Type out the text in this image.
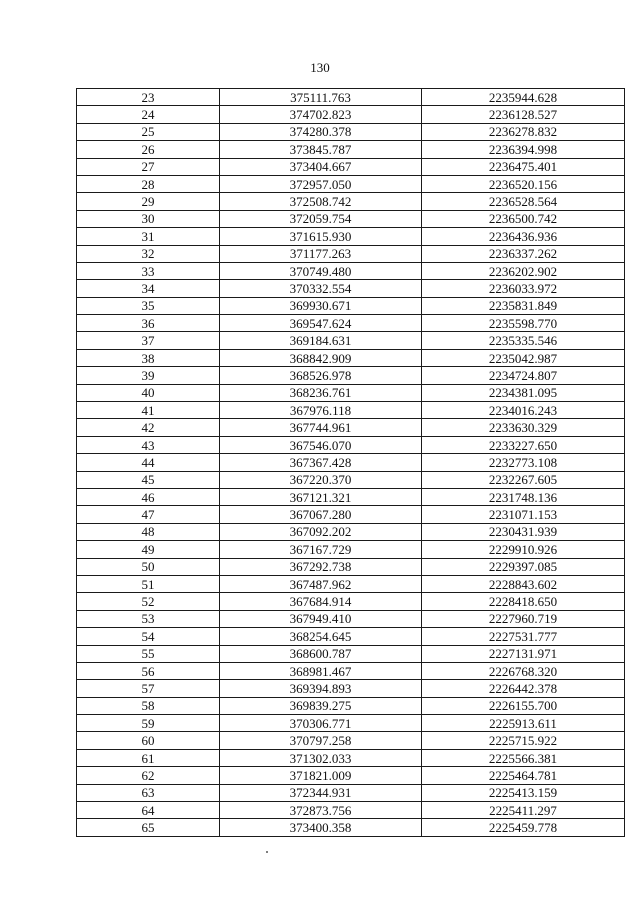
130
23	375111.763	2235944.628
24	374702.823	2236128.527
25	374280.378	2236278.832
26	373845.787	2236394.998
27	373404.667	2236475.401
28	372957.050	2236520.156
29	372508.742	2236528.564
30	372059.754	2236500.742
31	371615.930	2236436.936
32	371177.263	2236337.262
33	370749.480	2236202.902
34	370332.554	2236033.972
35	369930.671	2235831.849
36	369547.624	2235598.770
37	369184.631	2235335.546
38	368842.909	2235042.987
39	368526.978	2234724.807
40	368236.761	2234381.095
41	367976.118	2234016.243
42	367744.961	2233630.329
43	367546.070	2233227.650
44	367367.428	2232773.108
45	367220.370	2232267.605
46	367121.321	2231748.136
47	367067.280	2231071.153
48	367092.202	2230431.939
49	367167.729	2229910.926
50	367292.738	2229397.085
51	367487.962	2228843.602
52	367684.914	2228418.650
53	367949.410	2227960.719
54	368254.645	2227531.777
55	368600.787	2227131.971
56	368981.467	2226768.320
57	369394.893	2226442.378
58	369839.275	2226155.700
59	370306.771	2225913.611
60	370797.258	2225715.922
61	371302.033	2225566.381
62	371821.009	2225464.781
63	372344.931	2225413.159
64	372873.756	2225411.297
65	373400.358	2225459.778
